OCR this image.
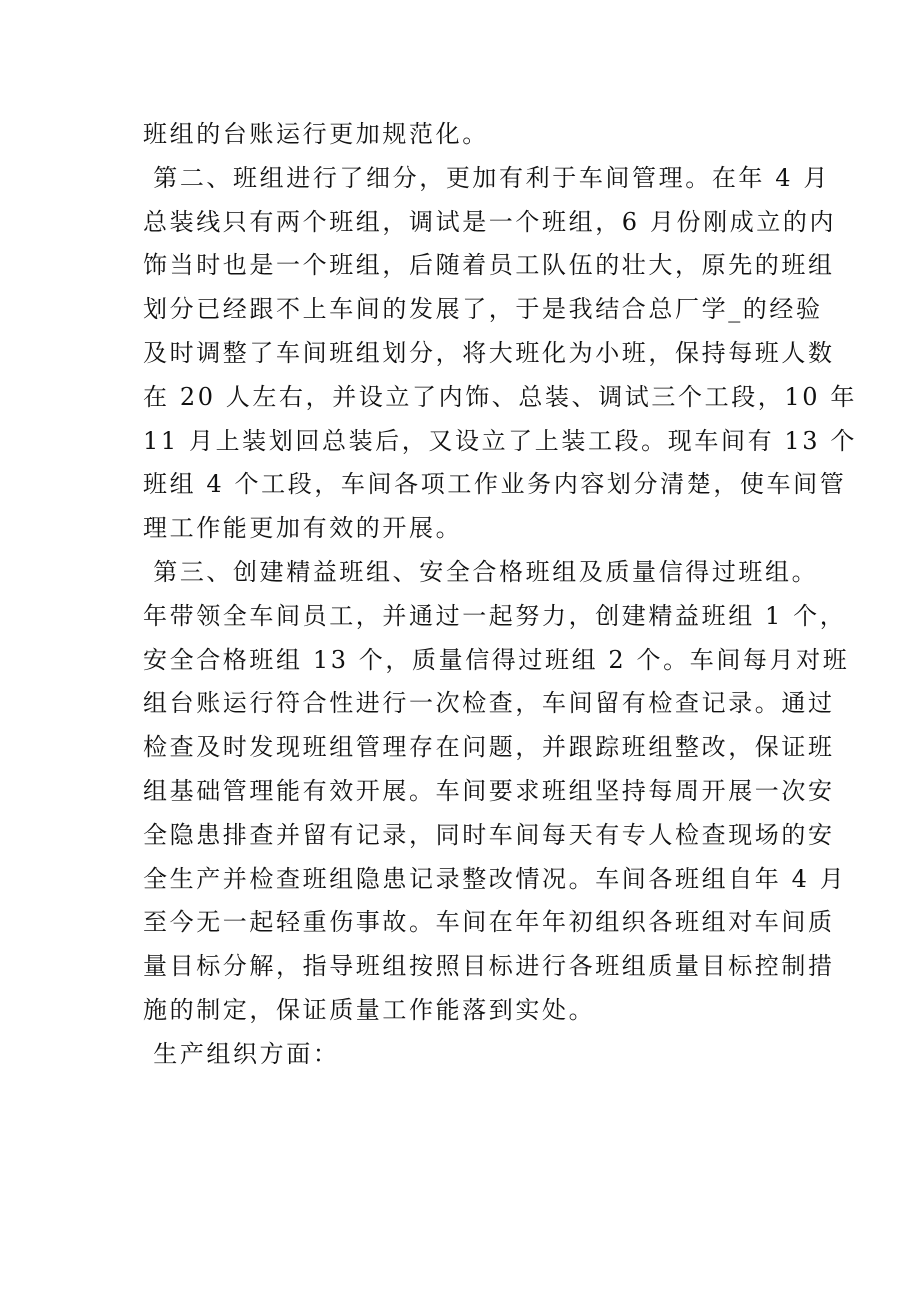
班组的台账运行更加规范化。
第二、班组进行了细分，更加有利于车间管理。在年 4 月
总装线只有两个班组，调试是一个班组，6 月份刚成立的内
饰当时也是一个班组，后随着员工队伍的壮大，原先的班组
划分已经跟不上车间的发展了，于是我结合总厂学_的经验
及时调整了车间班组划分，将大班化为小班，保持每班人数
在 20 人左右，并设立了内饰、总装、调试三个工段，10 年
11 月上装划回总装后，又设立了上装工段。现车间有 13 个
班组 4 个工段，车间各项工作业务内容划分清楚，使车间管
理工作能更加有效的开展。
第三、创建精益班组、安全合格班组及质量信得过班组。
年带领全车间员工，并通过一起努力，创建精益班组 1 个，
安全合格班组 13 个，质量信得过班组 2 个。车间每月对班
组台账运行符合性进行一次检查，车间留有检查记录。通过
检查及时发现班组管理存在问题，并跟踪班组整改，保证班
组基础管理能有效开展。车间要求班组坚持每周开展一次安
全隐患排查并留有记录，同时车间每天有专人检查现场的安
全生产并检查班组隐患记录整改情况。车间各班组自年 4 月
至今无一起轻重伤事故。车间在年年初组织各班组对车间质
量目标分解，指导班组按照目标进行各班组质量目标控制措
施的制定，保证质量工作能落到实处。
生产组织方面：
